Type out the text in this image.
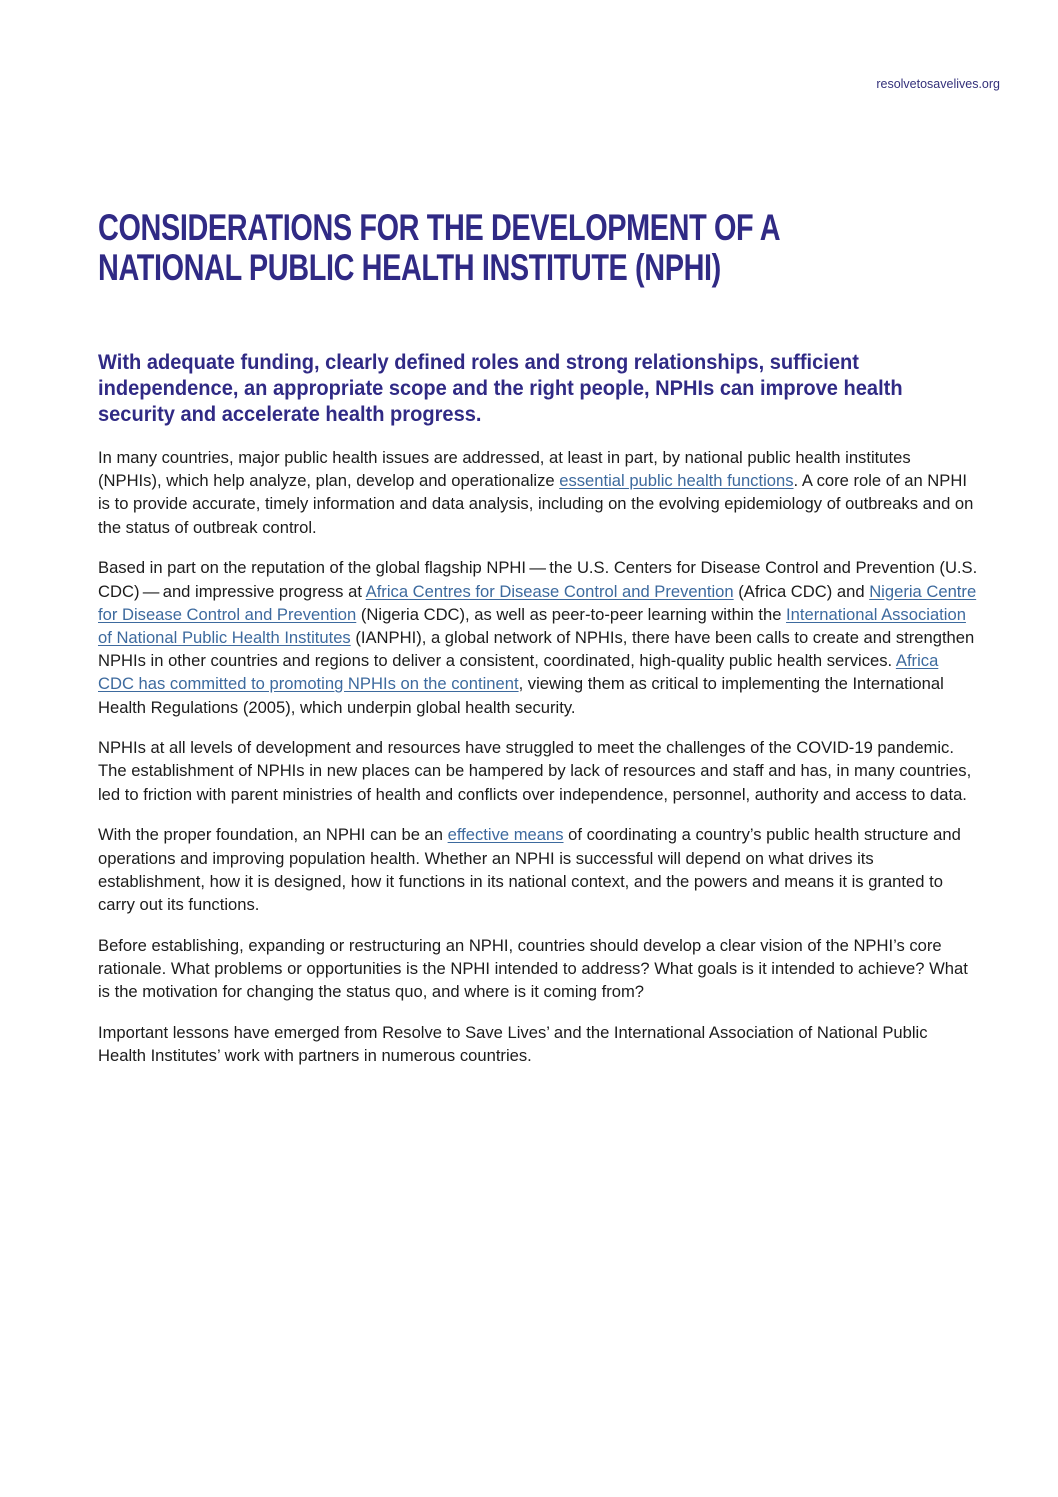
resolvetosavelives.org
CONSIDERATIONS FOR THE DEVELOPMENT OF A
NATIONAL PUBLIC HEALTH INSTITUTE (NPHI)

With adequate funding, clearly defined roles and strong relationships, sufficient independence, an appropriate scope and the right people, NPHIs can improve health security and accelerate health progress.

In many countries, major public health issues are addressed, at least in part, by national public health institutes (NPHIs), which help analyze, plan, develop and operationalize essential public health functions. A core role of an NPHI is to provide accurate, timely information and data analysis, including on the evolving epidemiology of outbreaks and on the status of outbreak control.

Based in part on the reputation of the global flagship NPHI — the U.S. Centers for Disease Control and Prevention (U.S. CDC) — and impressive progress at Africa Centres for Disease Control and Prevention (Africa CDC) and Nigeria Centre for Disease Control and Prevention (Nigeria CDC), as well as peer-to-peer learning within the International Association of National Public Health Institutes (IANPHI), a global network of NPHIs, there have been calls to create and strengthen NPHIs in other countries and regions to deliver a consistent, coordinated, high-quality public health services. Africa CDC has committed to promoting NPHIs on the continent, viewing them as critical to implementing the International Health Regulations (2005), which underpin global health security.

NPHIs at all levels of development and resources have struggled to meet the challenges of the COVID-19 pandemic. The establishment of NPHIs in new places can be hampered by lack of resources and staff and has, in many countries, led to friction with parent ministries of health and conflicts over independence, personnel, authority and access to data.

With the proper foundation, an NPHI can be an effective means of coordinating a country’s public health structure and operations and improving population health. Whether an NPHI is successful will depend on what drives its establishment, how it is designed, how it functions in its national context, and the powers and means it is granted to carry out its functions.

Before establishing, expanding or restructuring an NPHI, countries should develop a clear vision of the NPHI’s core rationale. What problems or opportunities is the NPHI intended to address? What goals is it intended to achieve? What is the motivation for changing the status quo, and where is it coming from?

Important lessons have emerged from Resolve to Save Lives’ and the International Association of National Public Health Institutes’ work with partners in numerous countries.
